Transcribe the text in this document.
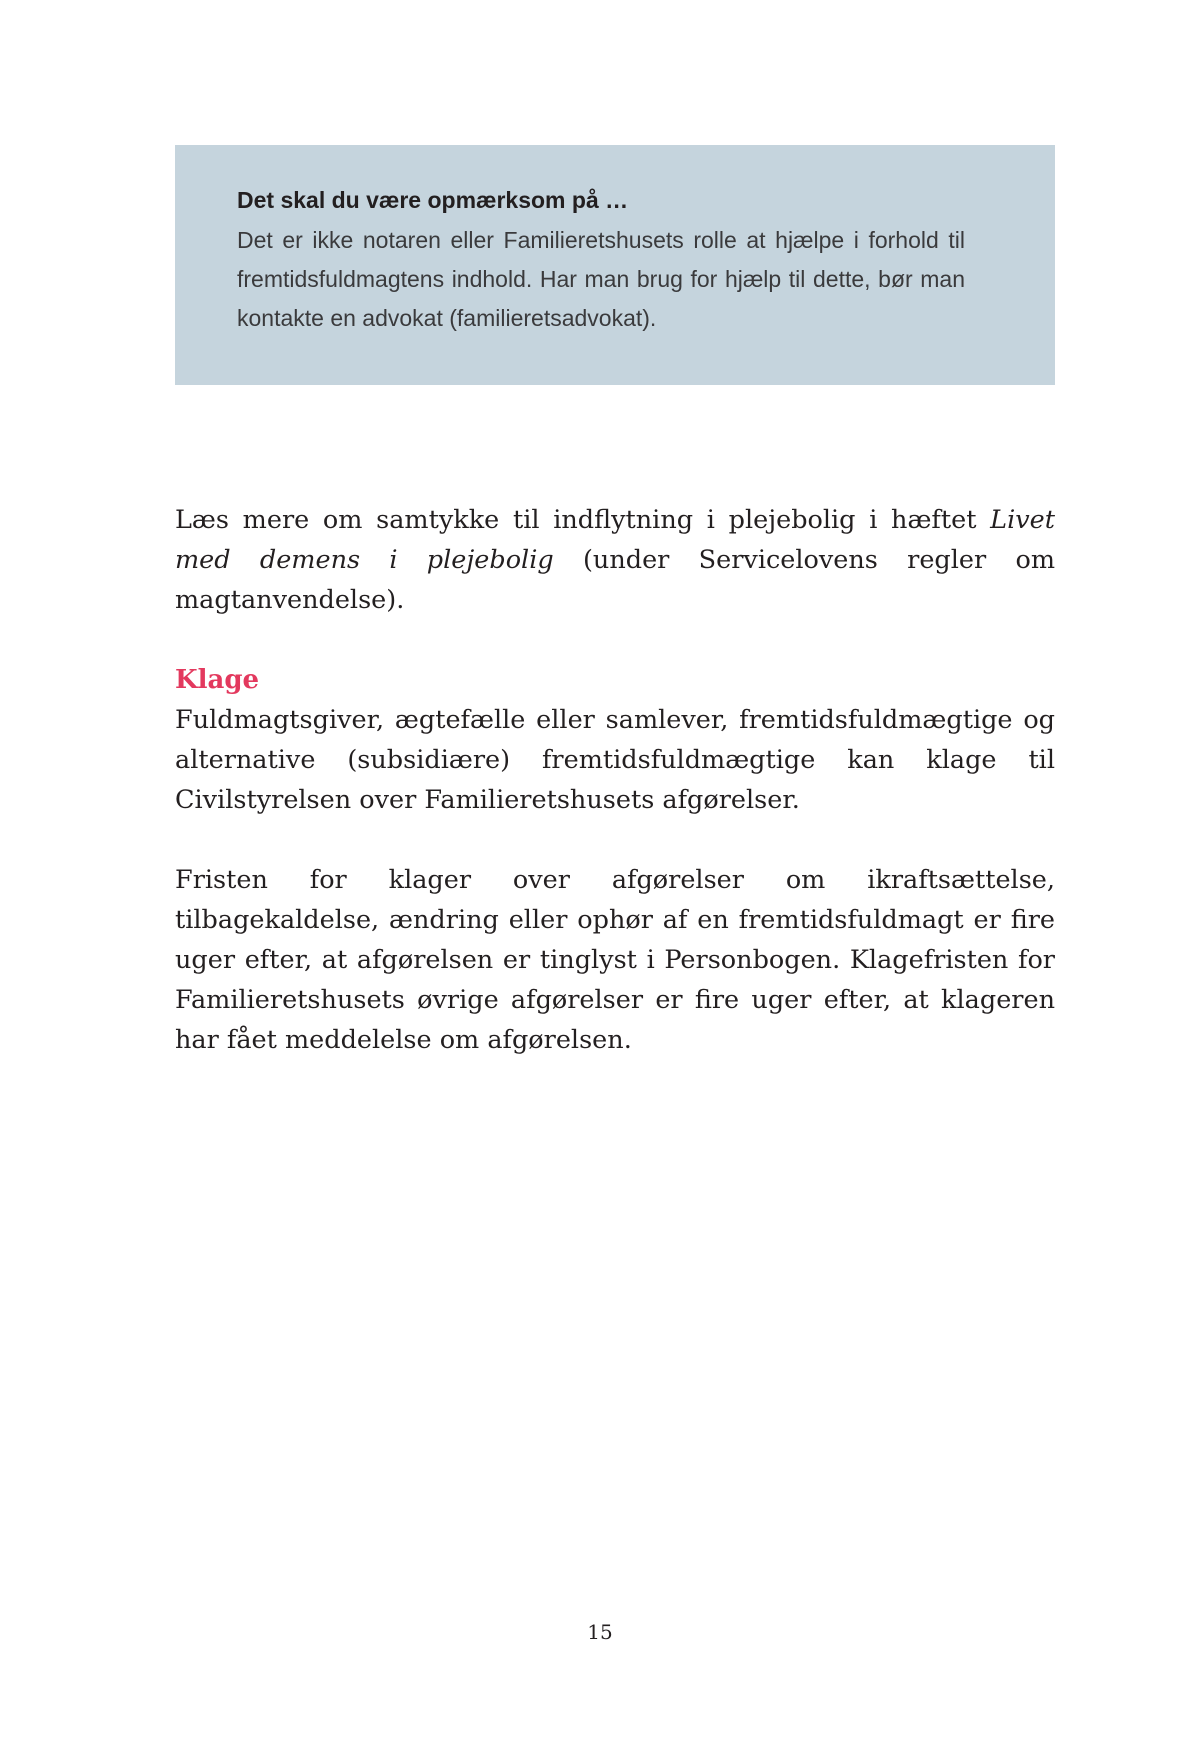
Det skal du være opmærksom på …

Det er ikke notaren eller Familieretshusets rolle at hjælpe i forhold til fremtidsfuldmagtens indhold. Har man brug for hjælp til dette, bør man kontakte en advokat (familieretsadvokat).

Læs mere om samtykke til indflytning i plejebolig i hæftet Livet med demens i plejebolig (under Servicelovens regler om magtanvendelse).

Klage

Fuldmagtsgiver, ægtefælle eller samlever, fremtidsfuldmægtige og alternative (subsidiære) fremtidsfuldmægtige kan klage til Civilstyrelsen over Familieretshusets afgørelser.

Fristen for klager over afgørelser om ikraftsættelse, tilbagekaldelse, ændring eller ophør af en fremtidsfuldmagt er fire uger efter, at afgørelsen er tinglyst i Personbogen. Klagefristen for Familieretshusets øvrige afgørelser er fire uger efter, at klageren har fået meddelelse om afgørelsen.

15
